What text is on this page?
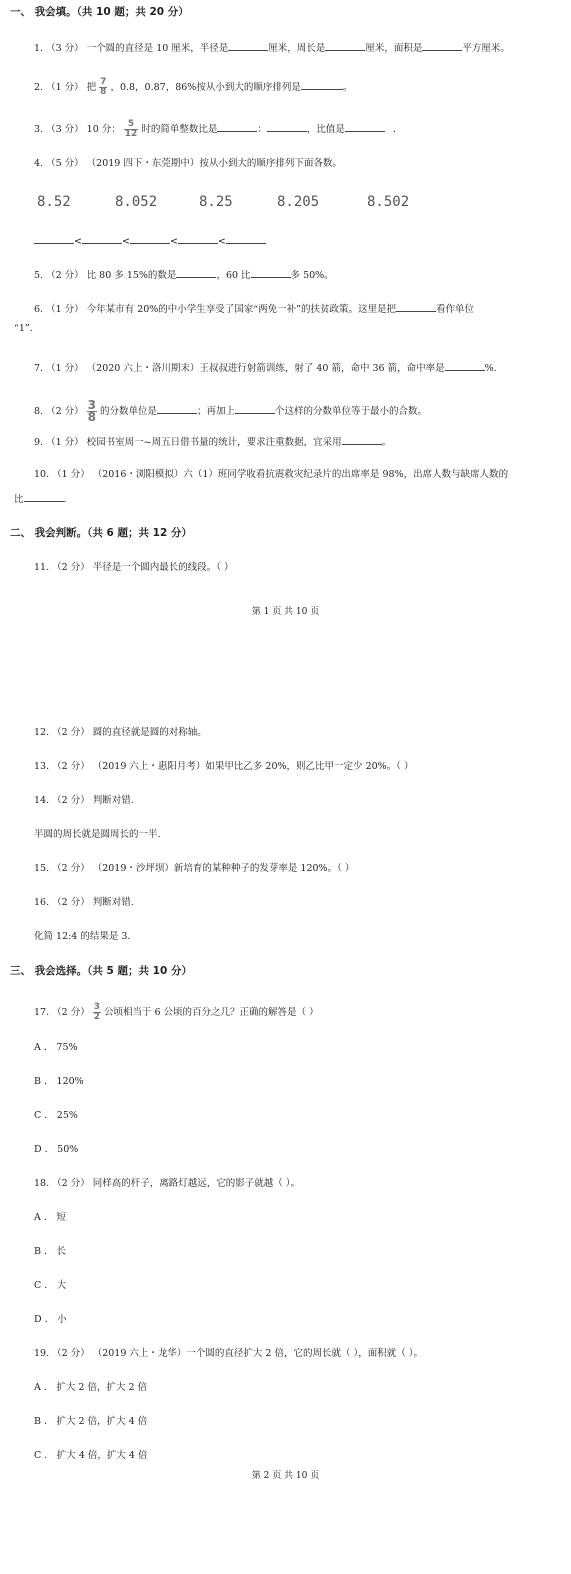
一、 我会填。（共 10 题；共 20 分）
1. （3 分） 一个圆的直径是 10 厘米，半径是	厘米，周长是	厘米，面积是	平方厘米。
2. （1 分） 把 $\frac{7}{8}$ ，0.8，0.87，86%按从小到大的顺序排列是	。
3. （3 分） 10 分： $\frac{5}{12}$ 时的简单整数比是	：	，比值是	．
4. （5 分） （2019 四下・东莞期中）按从小到大的顺序排列下面各数。
8.52	8.052	8.25	8.205	8.502
<	<	<	<
5. （2 分） 比 80 多 15%的数是	，60 比	多 50%。
6. （1 分） 今年某市有 20%的中小学生享受了国家“两免一补”的扶贫政策。这里是把	看作单位
“1”.
7. （1 分） （2020 六上・洛川期末）王叔叔进行射箭训练，射了 40 箭，命中 36 箭，命中率是	%.
8. （2 分） $\frac{3}{8}$ 的分数单位是	；再加上	个这样的分数单位等于最小的合数。
9. （1 分） 校园书室周一~周五日借书量的统计，要求注重数据，宜采用	。
10. （1 分） （2016・浏阳模拟）六（1）班同学收看抗震救灾纪录片的出席率是 98%，出席人数与缺席人数的
比	.
二、 我会判断。（共 6 题；共 12 分）
11. （2 分） 半径是一个圆内最长的线段。（ ）
第 1 页 共 10 页
12. （2 分） 圆的直径就是圆的对称轴。
13. （2 分） （2019 六上・惠阳月考）如果甲比乙多 20%，则乙比甲一定少 20%。（ ）
14. （2 分） 判断对错.
半圆的周长就是圆周长的一半.
15. （2 分） （2019・沙坪坝）新培育的某种种子的发芽率是 120%。（ ）
16. （2 分） 判断对错.
化简 12:4 的结果是 3.
三、 我会选择。（共 5 题；共 10 分）
17. （2 分） $\frac{3}{2}$ 公顷相当于 6 公顷的百分之几？正确的解答是（ ）
A ． 75%
B ． 120%
C ． 25%
D ． 50%
18. （2 分） 同样高的杆子，离路灯越远，它的影子就越（ ）。
A ． 短
B ． 长
C ． 大
D ． 小
19. （2 分） （2019 六上・龙华）一个圆的直径扩大 2 倍，它的周长就（ ），面积就（ ）。
A ． 扩大 2 倍，扩大 2 倍
B ． 扩大 2 倍，扩大 4 倍
C ． 扩大 4 倍，扩大 4 倍
第 2 页 共 10 页
